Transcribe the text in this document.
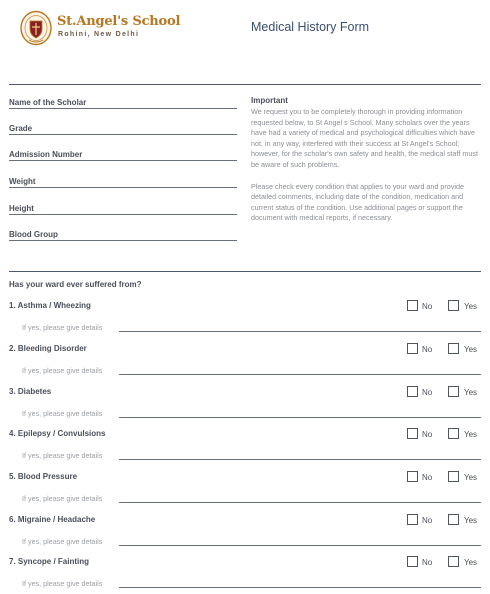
St.Angel's School
Rohini, New Delhi
Medical History Form
Name of the Scholar
Grade
Admission Number
Weight
Height
Blood Group
Important

We request you to be completely thorough in providing information requested below, to St Angel s School. Many scholars over the years have had a variety of medical and psychological difficulties which have not, in any way, interfered with their success at St Angel's School; however, for the scholar's own safety and health, the medical staff must be aware of such problems.

Please check every condition that applies to your ward and provide detailed comments, including date of the condition, medication and current status of the condition. Use additional pages or support the document with medical reports, if necessary.

Has your ward ever suffered from?
1. Asthma / Wheezing	No	Yes
If yes, please give details
2. Bleeding Disorder	No	Yes
If yes, please give details
3. Diabetes	No	Yes
If yes, please give details
4. Epilepsy / Convulsions	No	Yes
If yes, please give details
5. Blood Pressure	No	Yes
If yes, please give details
6. Migraine / Headache	No	Yes
If yes, please give details
7. Syncope / Fainting	No	Yes
If yes, please give details
